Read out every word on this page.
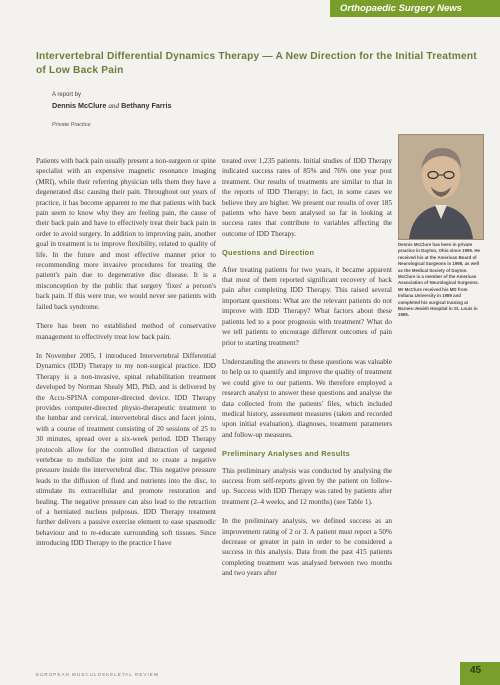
Orthopaedic Surgery News
Intervertebral Differential Dynamics Therapy — A New Direction for the Initial Treatment of Low Back Pain
A report by
Dennis McClure and Bethany Farris
Private Practice

Patients with back pain usually present a non-surgeon or spine specialist with an expensive magnetic resonance imaging (MRI), while their referring physician tells them they have a degenerated disc causing their pain. Throughout our years of practice, it has become apparent to me that patients with back pain seem to know why they are feeling pain, the cause of their back pain and have to effectively treat their back pain in order to avoid surgery. In addition to improving pain, another goal in treatment is to improve flexibility, related to quality of life. In the future and most effective manner prior to recommending more invasive procedures for treating the patient's pain due to degenerative disc disease. It is a misconception by the public that surgery 'fixes' a person's back pain. If this were true, we would never see patients with failed back syndrome.

There has been no established method of conservative management to effectively treat low back pain.

In November 2005, I introduced Intervertebral Differential Dynamics (IDD) Therapy to my non-surgical practice. IDD Therapy is a non-invasive, spinal rehabilitation treatment developed by Norman Shealy MD, PhD, and is delivered by the Accu-SPINA computer-directed device. IDD Therapy provides computer-directed physio-therapeutic treatment to the lumbar and cervical, intervertebral discs and facet joints, with a course of treatment consisting of 20 sessions of 25 to 30 minutes, spread over a six-week period. IDD Therapy protocols allow for the controlled distraction of targeted vertebrae to mobilize the joint and to create a negative pressure inside the intervertebral disc. This negative pressure leads to the diffusion of fluid and nutrients into the disc, to stimulate its extracellular and promote restoration and healing. The negative pressure can also lead to the retraction of a herniated nucleus pulposus. IDD Therapy treatment further delivers a passive exercise element to ease spasmodic behaviour and to re-educate surrounding soft tissues. Since introducing IDD Therapy to the practice I have

treated over 1,235 patients. Initial studies of IDD Therapy indicated success rates of 85% and 76% one year post treatment. Our results of treatments are similar to that in the reports of IDD Therapy; in fact, in some cases we believe they are higher. We present our results of over 185 patients who have been analysed so far in looking at success rates that contribute to variables affecting the outcome of IDD Therapy.

Questions and Direction

After treating patients for two years, it became apparent that most of them reported significant recovery of back pain after completing IDD Therapy. This raised several important questions: What are the relevant patients do not improve with IDD Therapy? What factors about these patients led to a poor prognosis with treatment? What do we tell patients to encourage different outcomes of pain prior to starting treatment?

Understanding the answers to these questions was valuable to help us to quantify and improve the quality of treatment we could give to our patients. We therefore employed a research analyst to answer these questions and analyse the data collected from the patients' files, which included medical history, assessment measures (taken and recorded upon initial evaluation), diagnoses, treatment parameters and follow-up measures.

Preliminary Analyses and Results

This preliminary analysis was conducted by analysing the success from self-reports given by the patient on follow-up. Success with IDD Therapy was rated by patients after treatment (2–4 weeks, and 12 months) (see Table 1).

In the preliminary analysis, we defined success as an improvement rating of 2 or 3. A patient must report a 50% decrease or greater in pain in order to be considered a success in this analysis. Data from the past 415 patients completing treatment was analysed between two months and two years after

Dennis McClure has been in private practice in Dayton, Ohio since 1995. He received his at the American Board of Neurological Surgeons in 1998, as well as the Medical Society of Dayton. McClure is a member of the American Association of Neurological Surgeons. Mr McClure received his MD from Indiana University in 1989 and completed his surgical training at Barnes-Jewish Hospital in St. Louis in 1995.
EUROPEAN MUSCULOSKELETAL REVIEW	45
